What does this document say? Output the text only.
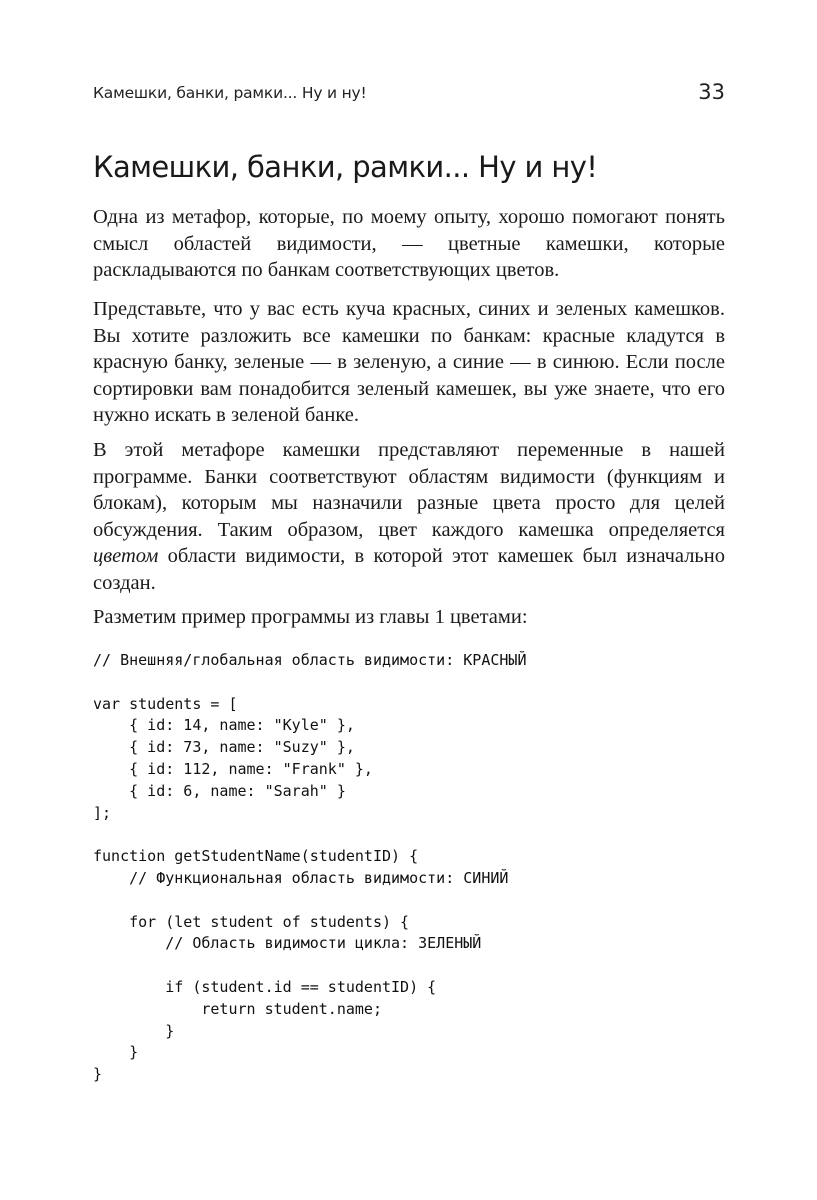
Камешки, банки, рамки... Ну и ну!	33
Камешки, банки, рамки... Ну и ну!

Одна из метафор, которые, по моему опыту, хорошо помогают понять смысл областей видимости, — цветные камешки, которые раскладываются по банкам соответствующих цветов.

Представьте, что у вас есть куча красных, синих и зеленых камешков. Вы хотите разложить все камешки по банкам: красные кладутся в красную банку, зеленые — в зеленую, а синие — в синюю. Если после сортировки вам понадобится зеленый камешек, вы уже знаете, что его нужно искать в зеленой банке.

В этой метафоре камешки представляют переменные в нашей программе. Банки соответствуют областям видимости (функциям и блокам), которым мы назначили разные цвета просто для целей обсуждения. Таким образом, цвет каждого камешка определяется цветом области видимости, в которой этот камешек был изначально создан.

Разметим пример программы из главы 1 цветами:

// Внешняя/глобальная область видимости: КРАСНЫЙ
var students = [
{ id: 14, name: "Kyle" },
{ id: 73, name: "Suzy" },
{ id: 112, name: "Frank" },
{ id: 6, name: "Sarah" }
];
function getStudentName(studentID) {
// Функциональная область видимости: СИНИЙ
for (let student of students) {
// Область видимости цикла: ЗЕЛЕНЫЙ
if (student.id == studentID) {
return student.name;
}
}
}
